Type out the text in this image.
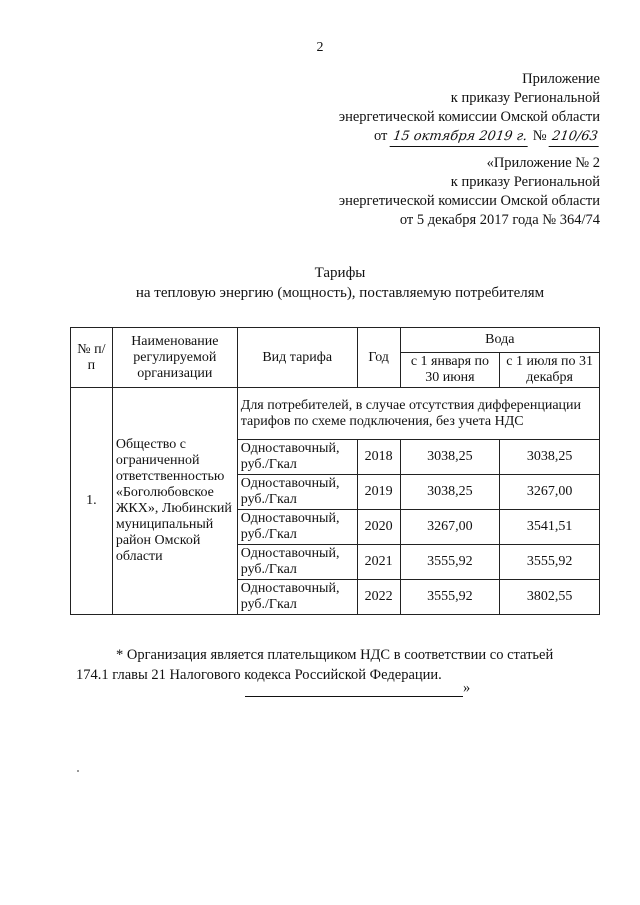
2
Приложение
к приказу Региональной
энергетической комиссии Омской области
от 15 октября 2019 г. № 210/63
«Приложение № 2
к приказу Региональной
энергетической комиссии Омской области
от 5 декабря 2017 года № 364/74
Тарифы
на тепловую энергию (мощность), поставляемую потребителям
№ п/п	Наименование регулируемой организации	Вид тарифа	Год	Вода	
				с 1 января по 30 июня	с 1 июля по 31 декабря
1.	Общество с ограниченной ответственностью «Боголюбовское ЖКХ», Любинский муниципальный район Омской области	Для потребителей, в случае отсутствия дифференциации тарифов по схеме подключения, без учета НДС			
		Одноставочный, руб./Гкал	2018	3038,25	3038,25
		Одноставочный, руб./Гкал	2019	3038,25	3267,00
		Одноставочный, руб./Гкал	2020	3267,00	3541,51
		Одноставочный, руб./Гкал	2021	3555,92	3555,92
		Одноставочный, руб./Гкал	2022	3555,92	3802,55
* Организация является плательщиком НДС в соответствии со статьей
174.1 главы 21 Налогового кодекса Российской Федерации.
»
